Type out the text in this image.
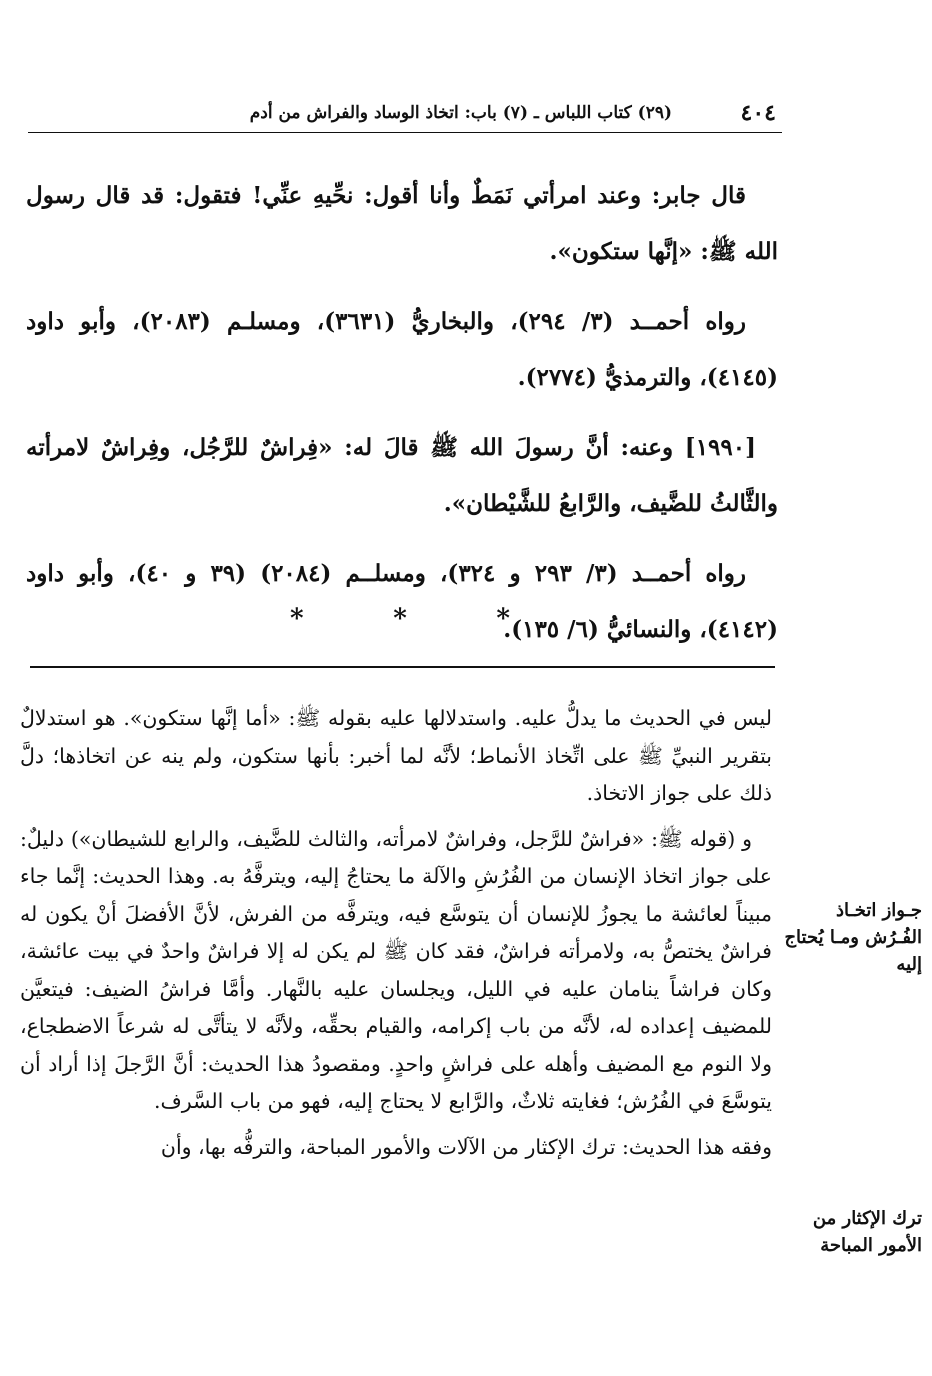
٤٠٤
(٢٩) كتاب اللباس ـ (٧) باب: اتخاذ الوساد والفراش من أدم

قال جابر: وعند امرأتي نَمَطٌ وأنا أقول: نحِّيهِ عنِّي! فتقول: قد قال رسول الله ﷺ: «إنَّها ستكون».

رواه أحمــد (٣/ ٢٩٤)، والبخاريُّ (٣٦٣١)، ومسلـم (٢٠٨٣)، وأبو داود (٤١٤٥)، والترمذيُّ (٢٧٧٤).

[١٩٩٠] وعنه: أنَّ رسولَ الله ﷺ قالَ له: «فِراشٌ للرَّجُل، وفِراشٌ لامرأته والثَّالثُ للضَّيف، والرَّابعُ للشَّيْطان».

رواه أحمــد (٣/ ٢٩٣ و ٣٢٤)، ومسلــم (٢٠٨٤) (٣٩ و ٤٠)، وأبو داود (٤١٤٢)، والنسائيُّ (٦/ ١٣٥).

*
*
*

ليس في الحديث ما يدلُّ عليه. واستدلالها عليه بقوله ﷺ: «أما إنَّها ستكون». هو استدلالٌ بتقرير النبيِّ ﷺ على اتِّخاذ الأنماط؛ لأنَّه لما أخبر: بأنها ستكون، ولم ينه عن اتخاذها؛ دلَّ ذلك على جواز الاتخاذ.

و (قوله ﷺ: «فراشٌ للرَّجل، وفراشٌ لامرأته، والثالث للضَّيف، والرابع للشيطان») دليلٌ: على جواز اتخاذ الإنسان من الفُرُشِ والآلة ما يحتاجُ إليه، ويترفَّهُ به. وهذا الحديث: إنَّما جاء مبيناً لعائشة ما يجوزُ للإنسان أن يتوسَّع فيه، ويترفَّه من الفرش، لأنَّ الأفضلَ أنْ يكون له فراشٌ يختصُّ به، ولامرأته فراشٌ، فقد كان ﷺ لم يكن له إلا فراشٌ واحدٌ في بيت عائشة، وكان فراشاً ينامان عليه في الليل، ويجلسان عليه بالنَّهار. وأمَّا فراشُ الضيف: فيتعيَّن للمضيف إعداده له، لأنَّه من باب إكرامه، والقيام بحقِّه، ولأنَّه لا يتأتَّى له شرعاً الاضطجاع، ولا النوم مع المضيف وأهله على فراشٍ واحدٍ. ومقصودُ هذا الحديث: أنَّ الرَّجلَ إذا أراد أن يتوسَّعَ في الفُرُش؛ فغايته ثلاثٌ، والرَّابع لا يحتاج إليه، فهو من باب السَّرف.

وفقه هذا الحديث: ترك الإكثار من الآلات والأمور المباحة، والترفُّه بها، وأن

جـواز اتخـاذ الفُـرُش ومـا يُحتاج إليه
ترك الإكثار من الأمور المباحة
